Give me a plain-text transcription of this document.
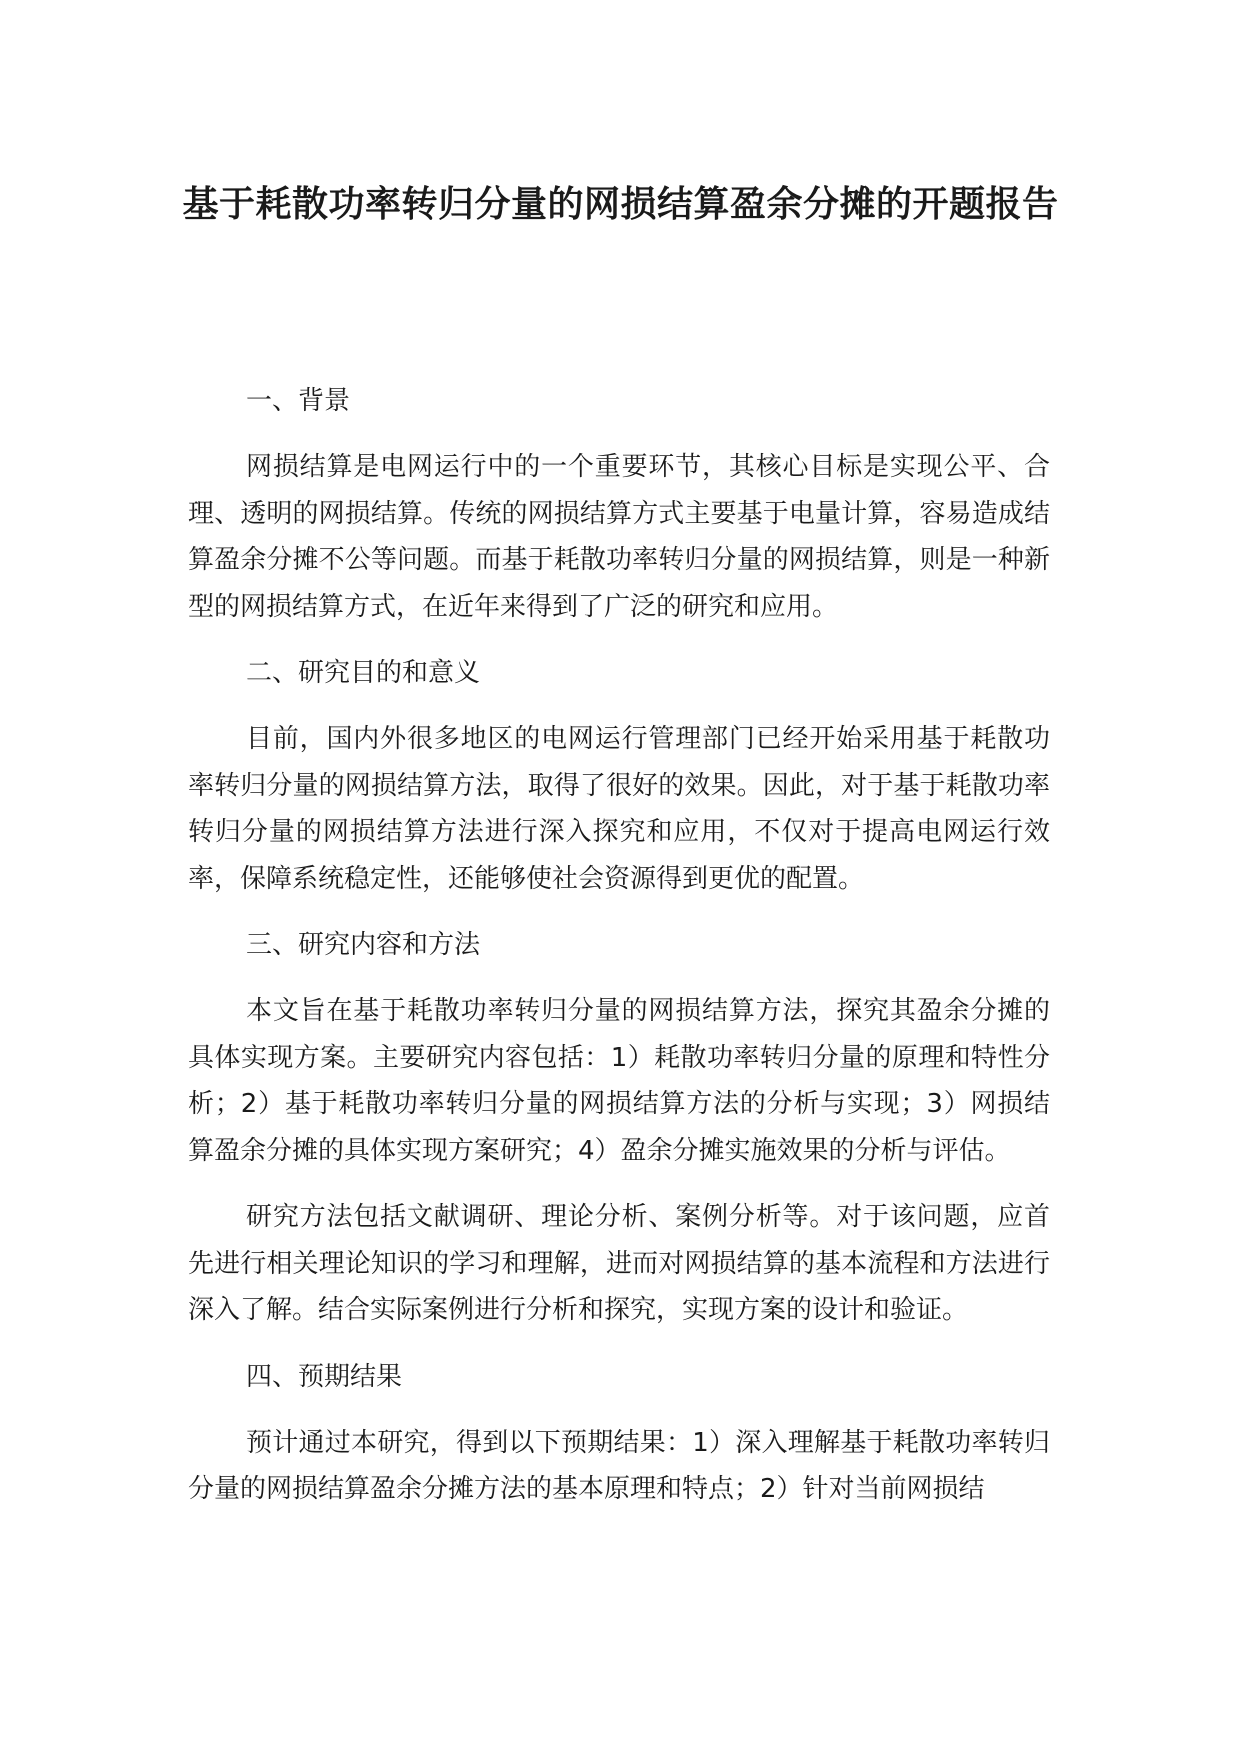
基于耗散功率转归分量的网损结算盈余分摊的开题报告

一、背景

网损结算是电网运行中的一个重要环节，其核心目标是实现公平、合理、透明的网损结算。传统的网损结算方式主要基于电量计算，容易造成结算盈余分摊不公等问题。而基于耗散功率转归分量的网损结算，则是一种新型的网损结算方式，在近年来得到了广泛的研究和应用。

二、研究目的和意义

目前，国内外很多地区的电网运行管理部门已经开始采用基于耗散功率转归分量的网损结算方法，取得了很好的效果。因此，对于基于耗散功率转归分量的网损结算方法进行深入探究和应用，不仅对于提高电网运行效率，保障系统稳定性，还能够使社会资源得到更优的配置。

三、研究内容和方法

本文旨在基于耗散功率转归分量的网损结算方法，探究其盈余分摊的具体实现方案。主要研究内容包括：1）耗散功率转归分量的原理和特性分析；2）基于耗散功率转归分量的网损结算方法的分析与实现；3）网损结算盈余分摊的具体实现方案研究；4）盈余分摊实施效果的分析与评估。

研究方法包括文献调研、理论分析、案例分析等。对于该问题，应首先进行相关理论知识的学习和理解，进而对网损结算的基本流程和方法进行深入了解。结合实际案例进行分析和探究，实现方案的设计和验证。

四、预期结果

预计通过本研究，得到以下预期结果：1）深入理解基于耗散功率转归分量的网损结算盈余分摊方法的基本原理和特点；2）针对当前网损结
